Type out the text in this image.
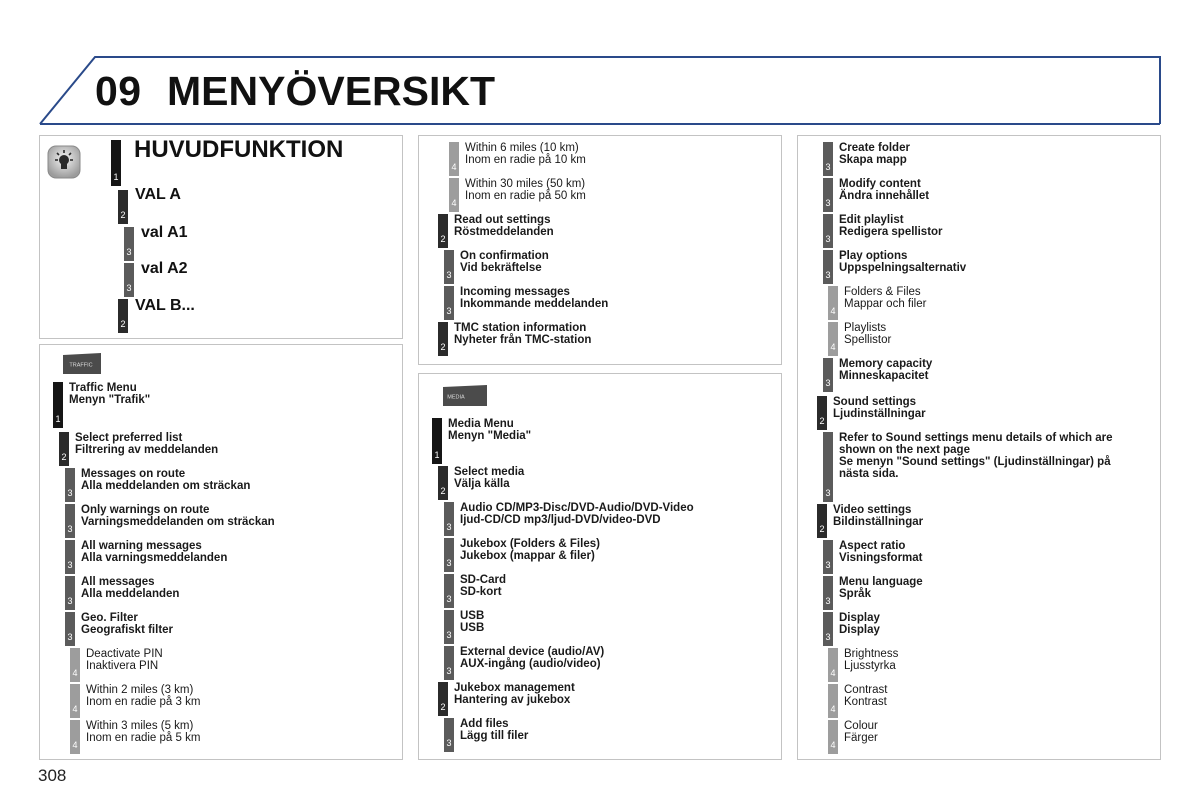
09 MENYÖVERSIKT
1
HUVUDFUNKTION
2
VAL A
3
val A1
3
val A2
2
VAL B...
TRAFFIC
MEDIA
1
Traffic Menu
Menyn "Trafik"
2
Select preferred list
Filtrering av meddelanden
3
Messages on route
Alla meddelanden om sträckan
3
Only warnings on route
Varningsmeddelanden om sträckan
3
All warning messages
Alla varningsmeddelanden
3
All messages
Alla meddelanden
3
Geo. Filter
Geografiskt filter
4
Deactivate PIN
Inaktivera PIN
4
Within 2 miles (3 km)
Inom en radie på 3 km
4
Within 3 miles (5 km)
Inom en radie på 5 km
4
Within 6 miles (10 km)
Inom en radie på 10 km
4
Within 30 miles (50 km)
Inom en radie på 50 km
2
Read out settings
Röstmeddelanden
3
On confirmation
Vid bekräftelse
3
Incoming messages
Inkommande meddelanden
2
TMC station information
Nyheter från TMC-station
1
Media Menu
Menyn "Media"
2
Select media
Välja källa
3
Audio CD/MP3-Disc/DVD-Audio/DVD-Video
Ijud-CD/CD mp3/ljud-DVD/video-DVD
3
Jukebox (Folders & Files)
Jukebox (mappar & filer)
3
SD-Card
SD-kort
3
USB
USB
3
External device (audio/AV)
AUX-ingång (audio/video)
2
Jukebox management
Hantering av jukebox
3
Add files
Lägg till filer
3
Create folder
Skapa mapp
3
Modify content
Ändra innehållet
3
Edit playlist
Redigera spellistor
3
Play options
Uppspelningsalternativ
4
Folders & Files
Mappar och filer
4
Playlists
Spellistor
3
Memory capacity
Minneskapacitet
2
Sound settings
Ljudinställningar
3
Refer to Sound settings menu details of which are
shown on the next page
Se menyn "Sound settings" (Ljudinställningar) på
nästa sida.
2
Video settings
Bildinställningar
3
Aspect ratio
Visningsformat
3
Menu language
Språk
3
Display
Display
4
Brightness
Ljusstyrka
4
Contrast
Kontrast
4
Colour
Färger
308
